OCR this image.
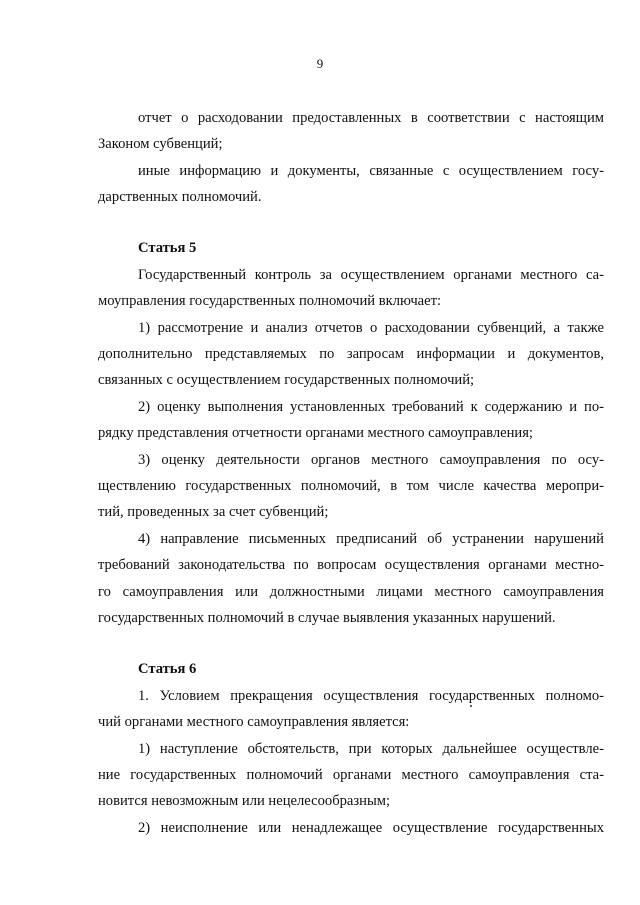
9
отчет о расходовании предоставленных в соответствии с настоящим
Законом субвенций;
иные информацию и документы, связанные с осуществлением госу-
дарственных полномочий.
Статья 5
Государственный контроль за осуществлением органами местного са-
моуправления государственных полномочий включает:
1) рассмотрение и анализ отчетов о расходовании субвенций, а также
дополнительно представляемых по запросам информации и документов,
связанных с осуществлением государственных полномочий;
2) оценку выполнения установленных требований к содержанию и по-
рядку представления отчетности органами местного самоуправления;
3) оценку деятельности органов местного самоуправления по осу-
ществлению государственных полномочий, в том числе качества меропри-
тий, проведенных за счет субвенций;
4) направление письменных предписаний об устранении нарушений
требований законодательства по вопросам осуществления органами местно-
го самоуправления или должностными лицами местного самоуправления
государственных полномочий в случае выявления указанных нарушений.
Статья 6
1. Условием прекращения осуществления государственных полномо-
чий органами местного самоуправления является:
1) наступление обстоятельств, при которых дальнейшее осуществле-
ние государственных полномочий органами местного самоуправления ста-
новится невозможным или нецелесообразным;
2) неисполнение или ненадлежащее осуществление государственных
